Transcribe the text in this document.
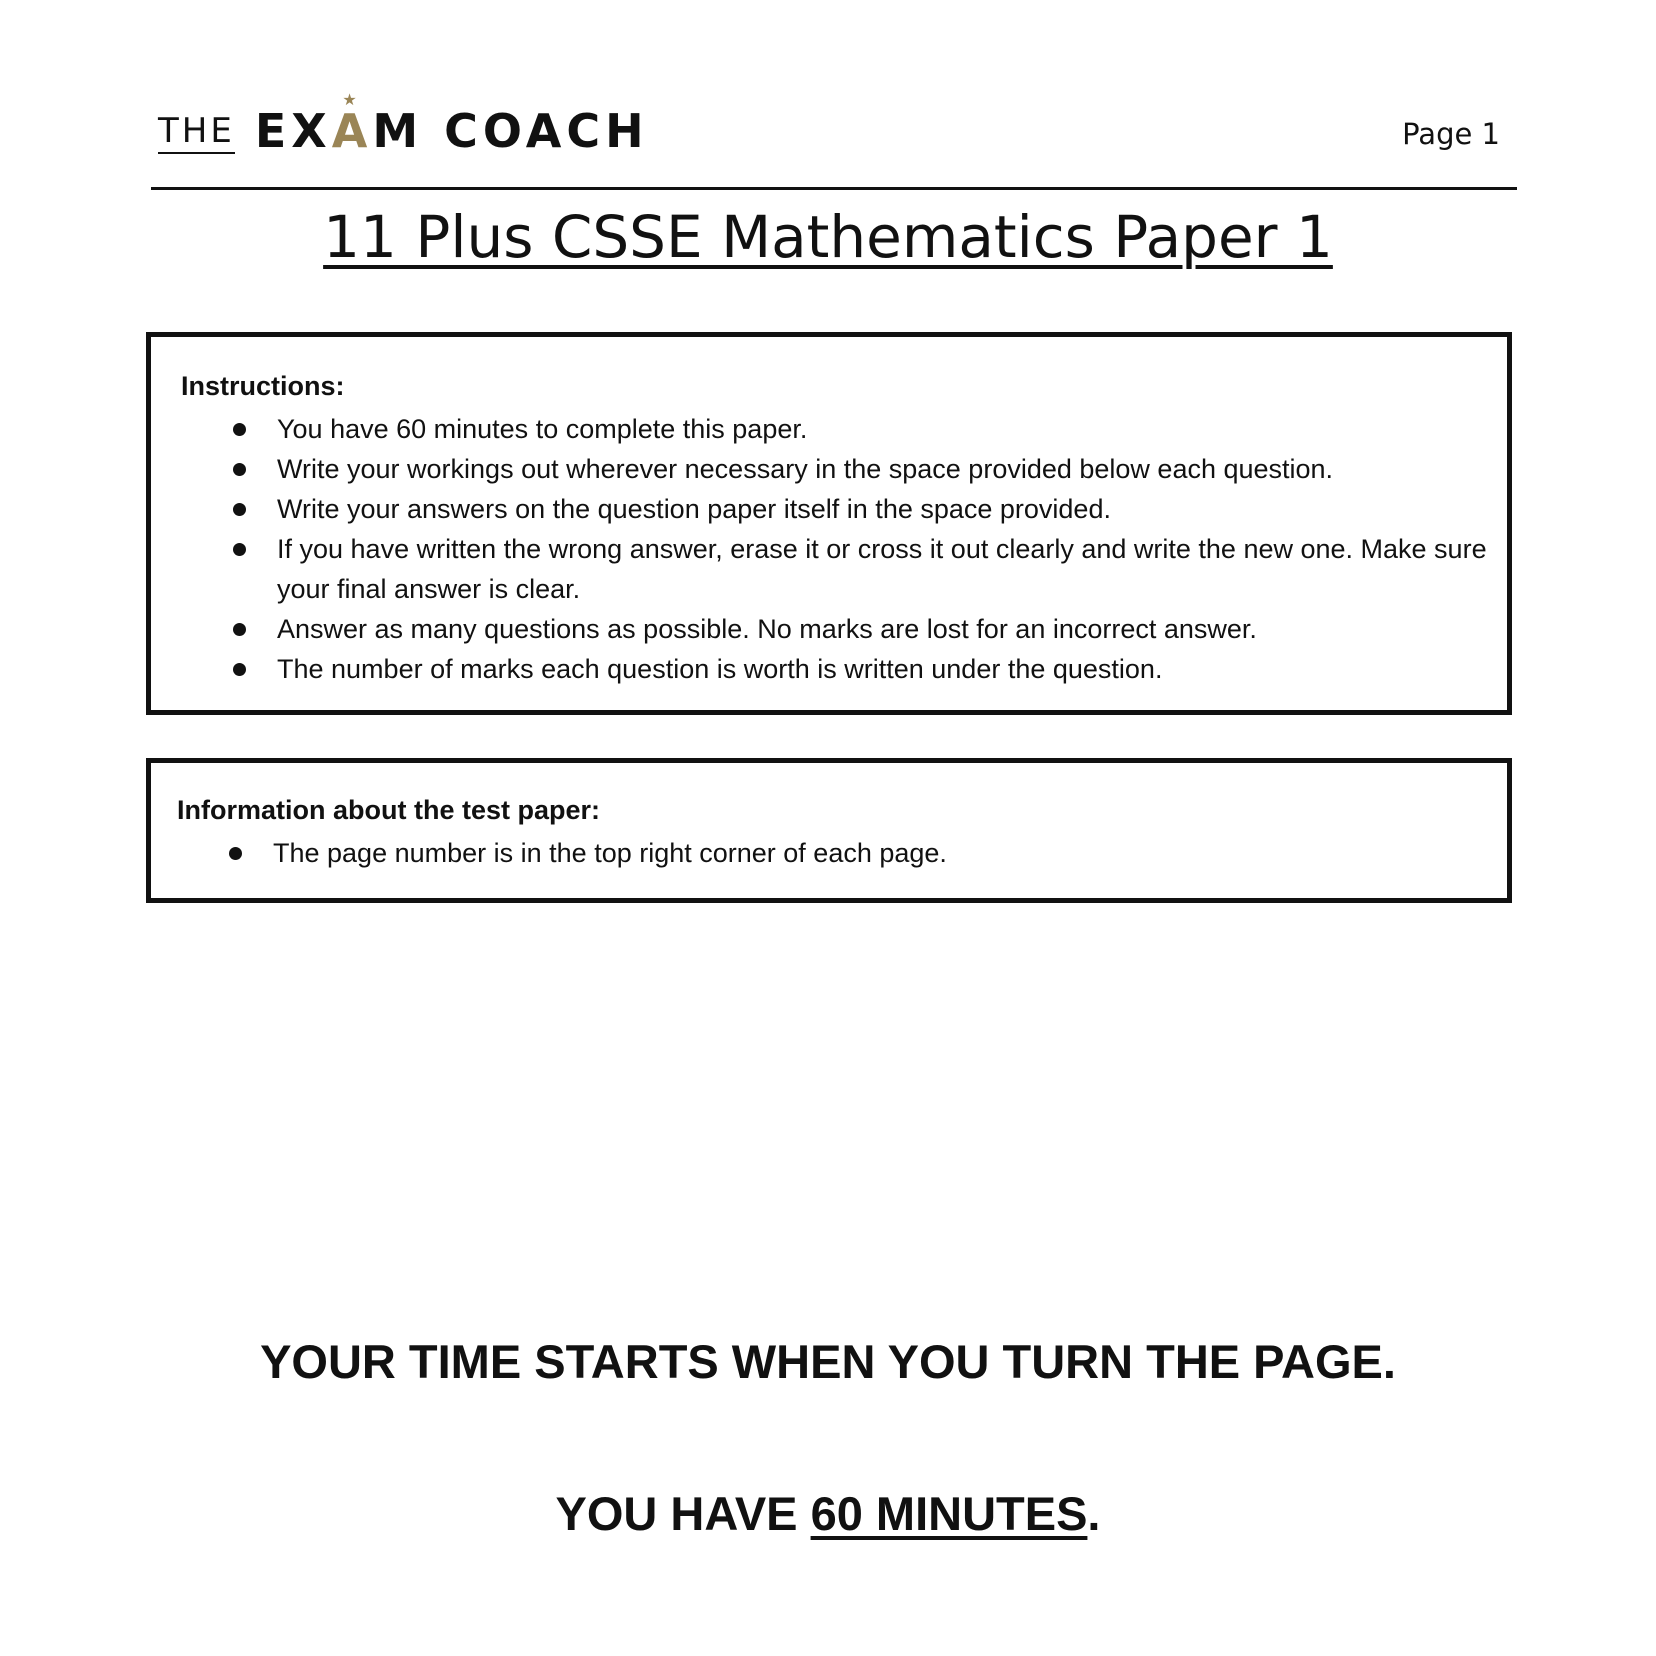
THE EX
★
AM COACH	Page 1
11 Plus CSSE Mathematics Paper 1
Instructions:
You have 60 minutes to complete this paper.
Write your workings out wherever necessary in the space provided below each question.
Write your answers on the question paper itself in the space provided.
If you have written the wrong answer, erase it or cross it out clearly and write the new one. Make sure your final answer is clear.
Answer as many questions as possible. No marks are lost for an incorrect answer.
The number of marks each question is worth is written under the question.
Information about the test paper:
The page number is in the top right corner of each page.
YOUR TIME STARTS WHEN YOU TURN THE PAGE.
YOU HAVE 60 MINUTES.
